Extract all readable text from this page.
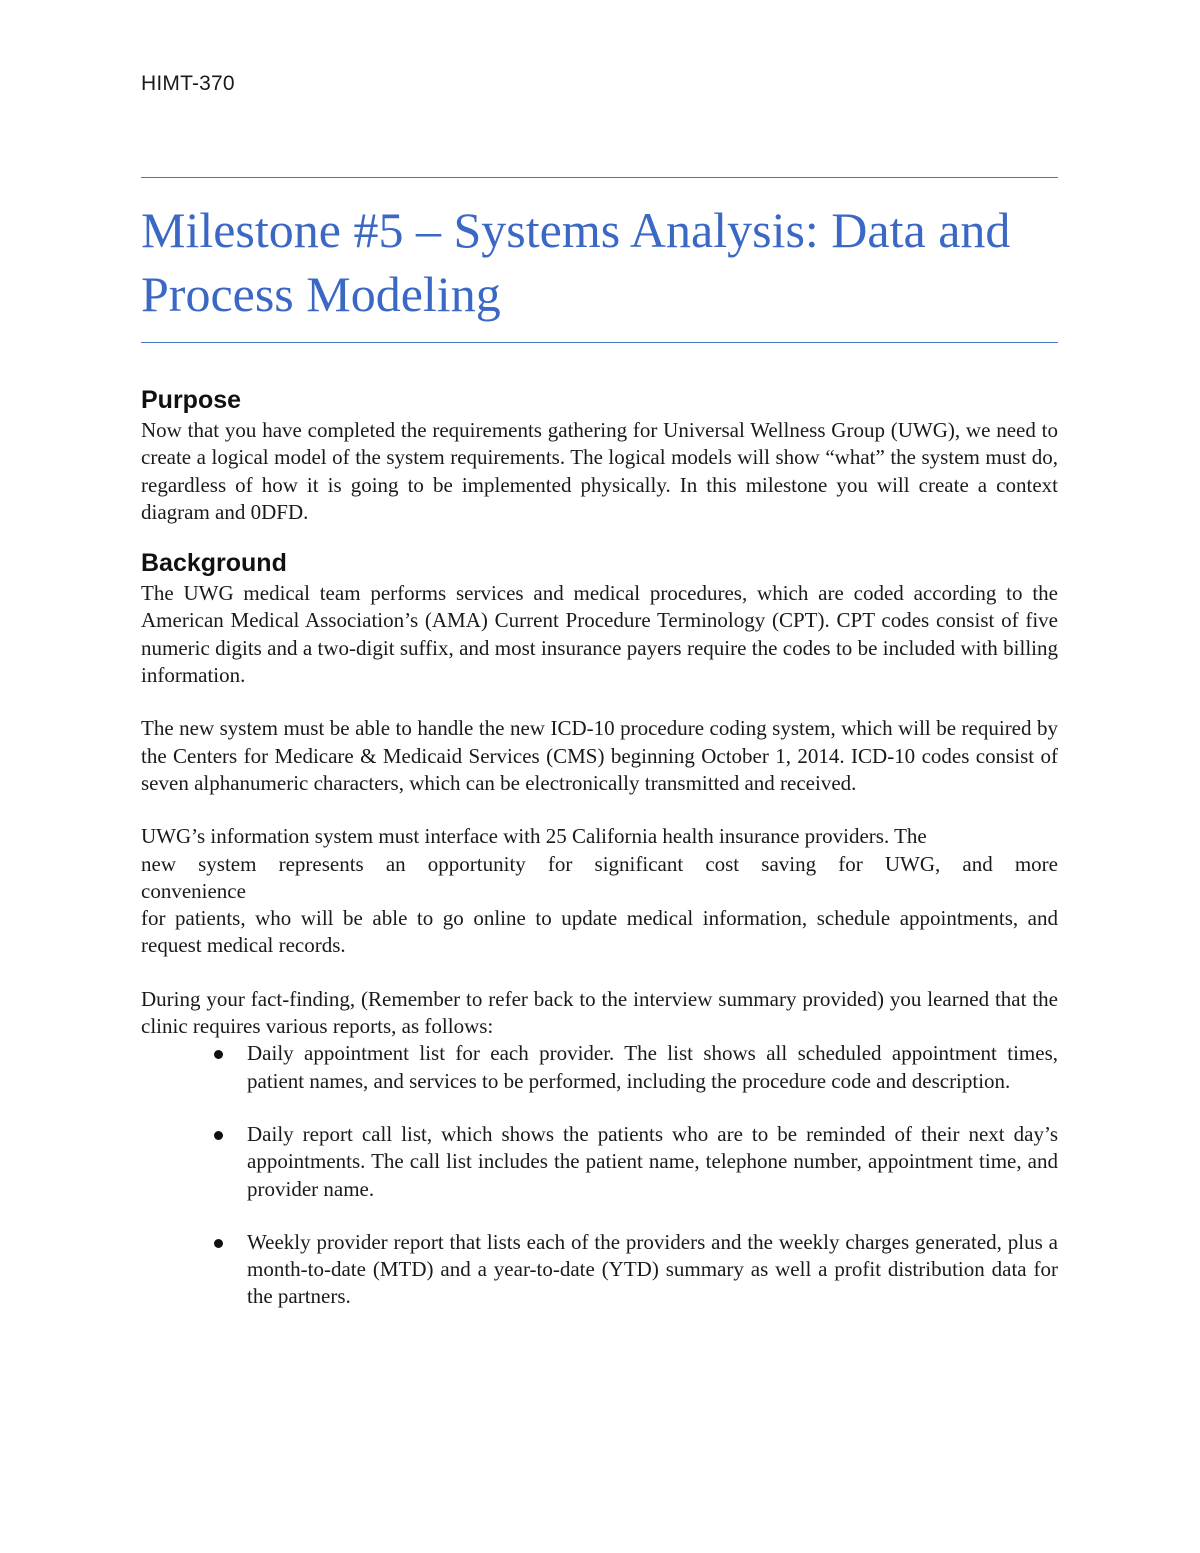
HIMT-370
Milestone #5 – Systems Analysis: Data and Process Modeling
Purpose

Now that you have completed the requirements gathering for Universal Wellness Group (UWG), we need to create a logical model of the system requirements. The logical models will show “what” the system must do, regardless of how it is going to be implemented physically. In this milestone you will create a context diagram and 0DFD.

Background

The UWG medical team performs services and medical procedures, which are coded according to the American Medical Association’s (AMA) Current Procedure Terminology (CPT). CPT codes consist of five numeric digits and a two-digit suffix, and most insurance payers require the codes to be included with billing information.

The new system must be able to handle the new ICD-10 procedure coding system, which will be required by the Centers for Medicare & Medicaid Services (CMS) beginning October 1, 2014. ICD-10 codes consist of seven alphanumeric characters, which can be electronically transmitted and received.

UWG’s information system must interface with 25 California health insurance providers. The
new system represents an opportunity for significant cost saving for UWG, and more
convenience
for patients, who will be able to go online to update medical information, schedule appointments, and request medical records.

During your fact-finding, (Remember to refer back to the interview summary provided) you learned that the clinic requires various reports, as follows:

Daily appointment list for each provider. The list shows all scheduled appointment times, patient names, and services to be performed, including the procedure code and description.
Daily report call list, which shows the patients who are to be reminded of their next day’s appointments. The call list includes the patient name, telephone number, appointment time, and provider name.
Weekly provider report that lists each of the providers and the weekly charges generated, plus a month-to-date (MTD) and a year-to-date (YTD) summary as well a profit distribution data for the partners.
